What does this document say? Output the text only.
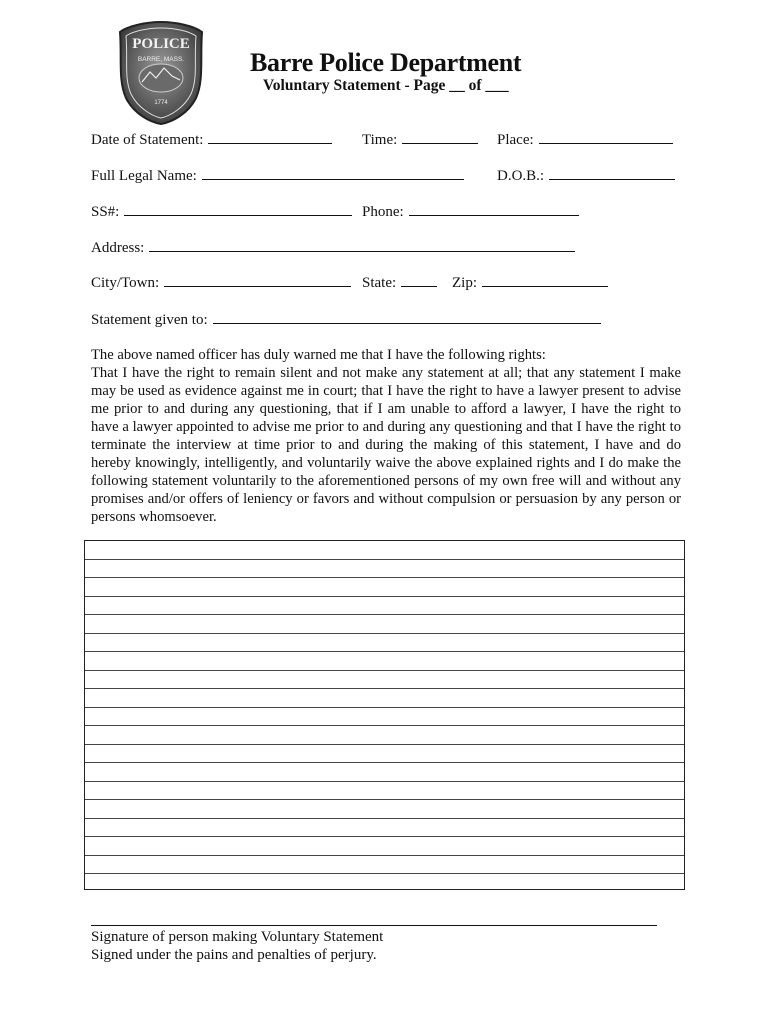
POLICE
BARRE, MASS.
1774
Barre Police Department
Voluntary Statement - Page __ of ___
Date of Statement:	Time:	Place:
Full Legal Name:	D.O.B.:
SS#:	Phone:
Address:
City/Town:	State:	Zip:
Statement given to:
The above named officer has duly warned me that I have the following rights:
That I have the right to remain silent and not make any statement at all; that any statement I make may be used as evidence against me in court; that I have the right to have a lawyer present to advise me prior to and during any questioning, that if I am unable to afford a lawyer, I have the right to have a lawyer appointed to advise me prior to and during any questioning and that I have the right to terminate the interview at time prior to and during the making of this statement, I have and do hereby knowingly, intelligently, and voluntarily waive the above explained rights and I do make the following statement voluntarily to the aforementioned persons of my own free will and without any promises and/or offers of leniency or favors and without compulsion or persuasion by any person or persons whomsoever.
Signature of person making Voluntary Statement
Signed under the pains and penalties of perjury.
